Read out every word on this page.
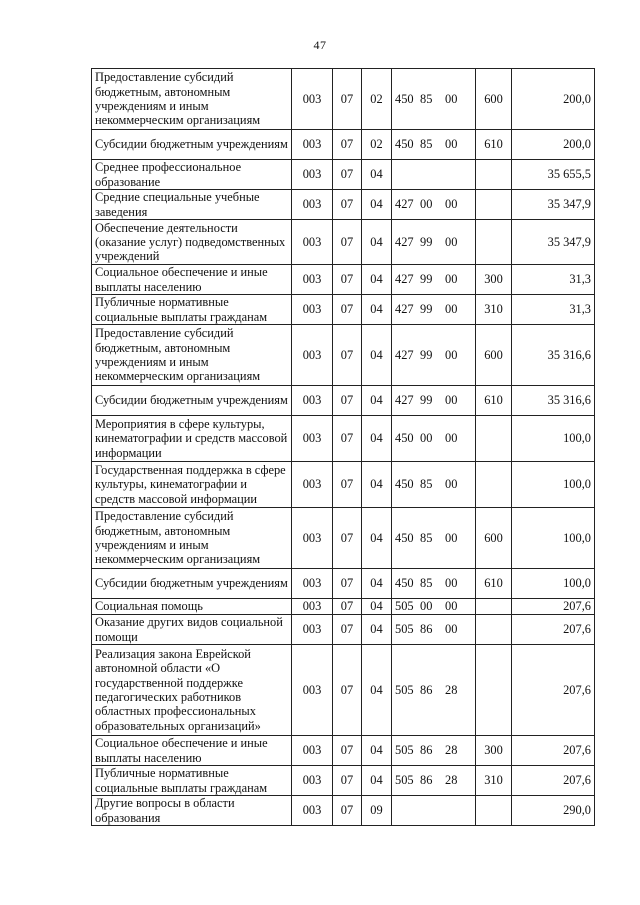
47
Предоставление субсидий бюджетным, автономным учреждениям и иным некоммерческим организациям	003	07	02	450 85 00	600	200,0
Субсидии бюджетным учреждениям	003	07	02	450 85 00	610	200,0
Среднее профессиональное образование	003	07	04			35 655,5
Средние специальные учебные заведения	003	07	04	427 00 00		35 347,9
Обеспечение деятельности (оказание услуг) подведомственных учреждений	003	07	04	427 99 00		35 347,9
Социальное обеспечение и иные выплаты населению	003	07	04	427 99 00	300	31,3
Публичные нормативные социальные выплаты гражданам	003	07	04	427 99 00	310	31,3
Предоставление субсидий бюджетным, автономным учреждениям и иным некоммерческим организациям	003	07	04	427 99 00	600	35 316,6
Субсидии бюджетным учреждениям	003	07	04	427 99 00	610	35 316,6
Мероприятия в сфере культуры, кинематографии и средств массовой информации	003	07	04	450 00 00		100,0
Государственная поддержка в сфере культуры, кинематографии и средств массовой информации	003	07	04	450 85 00		100,0
Предоставление субсидий бюджетным, автономным учреждениям и иным некоммерческим организациям	003	07	04	450 85 00	600	100,0
Субсидии бюджетным учреждениям	003	07	04	450 85 00	610	100,0
Социальная помощь	003	07	04	505 00 00		207,6
Оказание других видов социальной помощи	003	07	04	505 86 00		207,6
Реализация закона Еврейской автономной области «О государственной поддержке педагогических работников областных профессиональных образовательных организаций»	003	07	04	505 86 28		207,6
Социальное обеспечение и иные выплаты населению	003	07	04	505 86 28	300	207,6
Публичные нормативные социальные выплаты гражданам	003	07	04	505 86 28	310	207,6
Другие вопросы в области образования	003	07	09			290,0
